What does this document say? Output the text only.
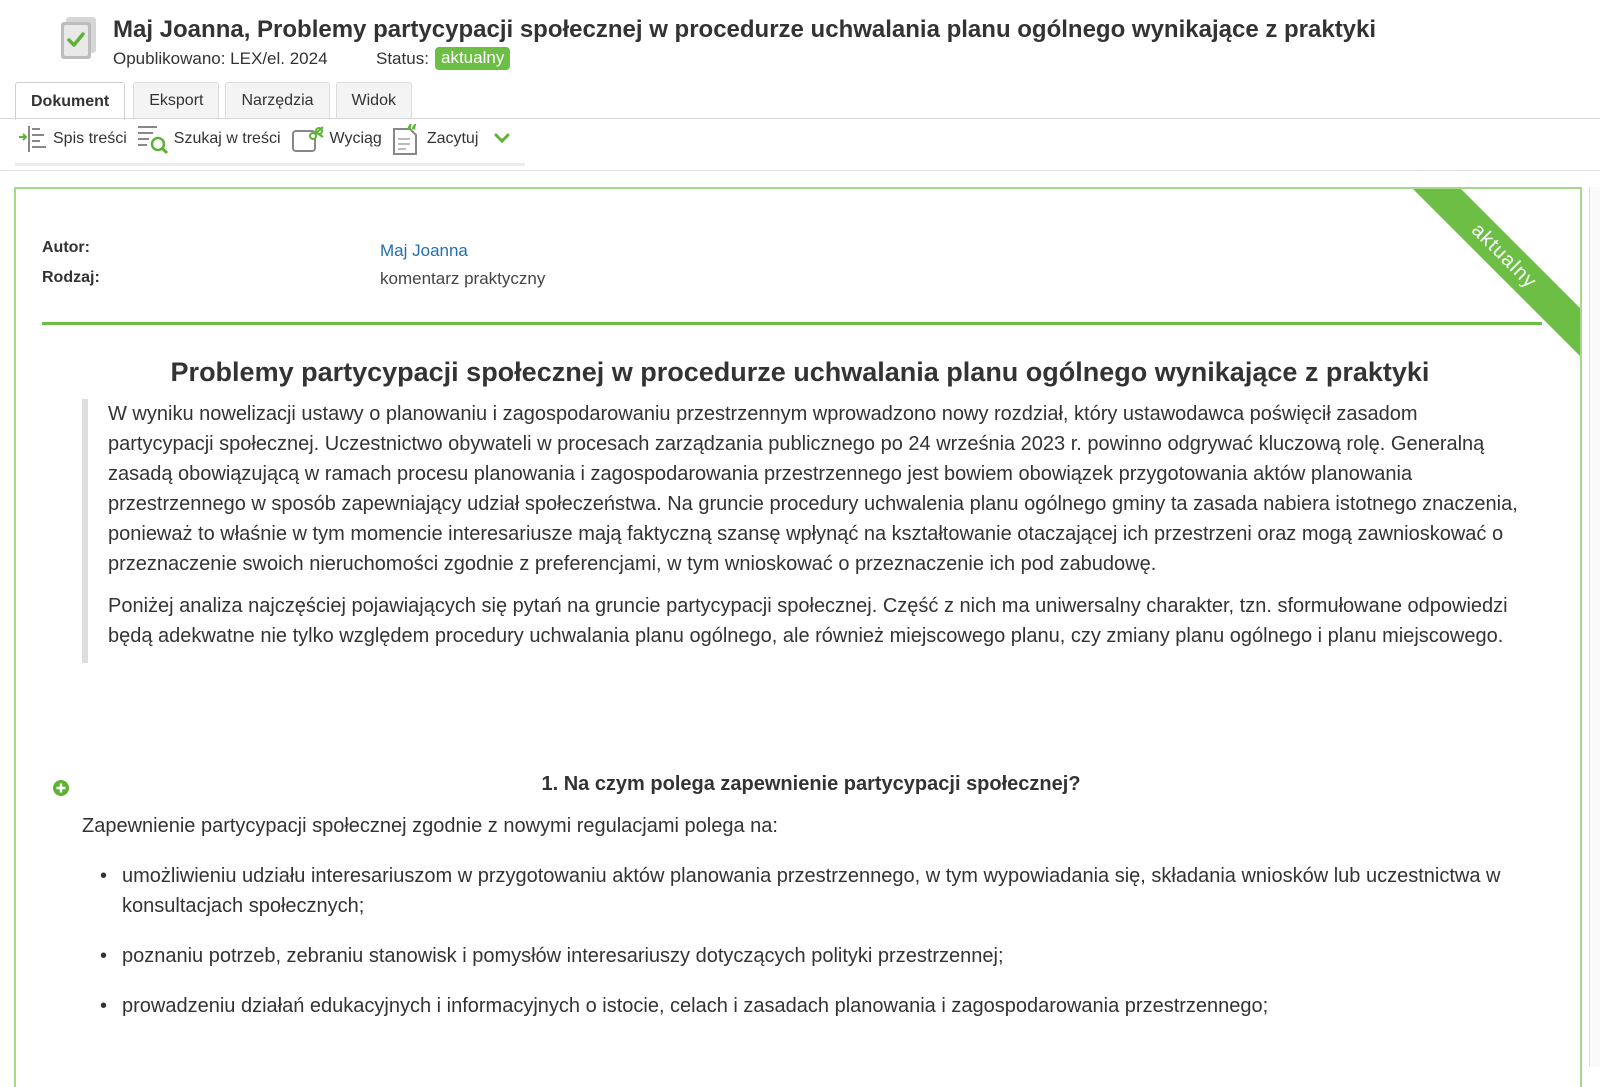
Maj Joanna, Problemy partycypacji społecznej w procedurze uchwalania planu ogólnego wynikające z praktyki
Opublikowano: LEX/el. 2024	Status: aktualny
Dokument	Eksport	Narzędzia	Widok
Spis treści	Szukaj w treści	Wyciąg “ Zacytuj
aktualny
Autor:	Maj Joanna
Rodzaj:	komentarz praktyczny
Problemy partycypacji społecznej w procedurze uchwalania planu ogólnego wynikające z praktyki

W wyniku nowelizacji ustawy o planowaniu i zagospodarowaniu przestrzennym wprowadzono nowy rozdział, który ustawodawca poświęcił zasadom partycypacji społecznej. Uczestnictwo obywateli w procesach zarządzania publicznego po 24 września 2023 r. powinno odgrywać kluczową rolę. Generalną zasadą obowiązującą w ramach procesu planowania i zagospodarowania przestrzennego jest bowiem obowiązek przygotowania aktów planowania przestrzennego w sposób zapewniający udział społeczeństwa. Na gruncie procedury uchwalenia planu ogólnego gminy ta zasada nabiera istotnego znaczenia, ponieważ to właśnie w tym momencie interesariusze mają faktyczną szansę wpłynąć na kształtowanie otaczającej ich przestrzeni oraz mogą zawnioskować o przeznaczenie swoich nieruchomości zgodnie z preferencjami, w tym wnioskować o przeznaczenie ich pod zabudowę.

Poniżej analiza najczęściej pojawiających się pytań na gruncie partycypacji społecznej. Część z nich ma uniwersalny charakter, tzn. sformułowane odpowiedzi będą adekwatne nie tylko względem procedury uchwalania planu ogólnego, ale również miejscowego planu, czy zmiany planu ogólnego i planu miejscowego.

1. Na czym polega zapewnienie partycypacji społecznej?
Zapewnienie partycypacji społecznej zgodnie z nowymi regulacjami polega na:
• umożliwieniu udziału interesariuszom w przygotowaniu aktów planowania przestrzennego, w tym wypowiadania się, składania wniosków lub uczestnictwa w konsultacjach społecznych;
• poznaniu potrzeb, zebraniu stanowisk i pomysłów interesariuszy dotyczących polityki przestrzennej;
• prowadzeniu działań edukacyjnych i informacyjnych o istocie, celach i zasadach planowania i zagospodarowania przestrzennego;
